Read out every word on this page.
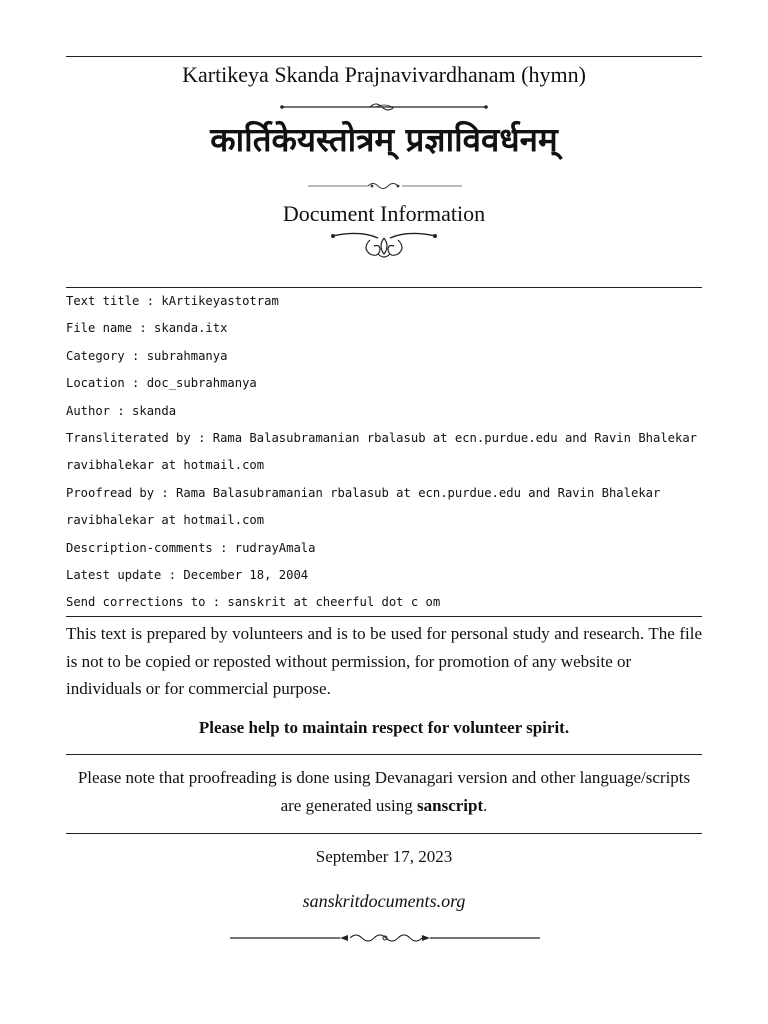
Kartikeya Skanda Prajnavivardhanam (hymn)
कार्तिकेयस्तोत्रम् प्रज्ञाविवर्धनम्
Document Information
Text title : kArtikeyastotram
File name : skanda.itx
Category : subrahmanya
Location : doc_subrahmanya
Author : skanda
Transliterated by : Rama Balasubramanian rbalasub at ecn.purdue.edu and Ravin Bhalekar
ravibhalekar at hotmail.com
Proofread by : Rama Balasubramanian rbalasub at ecn.purdue.edu and Ravin Bhalekar
ravibhalekar at hotmail.com
Description-comments : rudrayAmala
Latest update : December 18, 2004
Send corrections to : sanskrit at cheerful dot c om
This text is prepared by volunteers and is to be used for personal study and research. The file is not to be copied or reposted without permission, for promotion of any website or
individuals or for commercial purpose.
Please help to maintain respect for volunteer spirit.
Please note that proofreading is done using Devanagari version and other language/scripts are generated using sanscript.
September 17, 2023
sanskritdocuments.org
